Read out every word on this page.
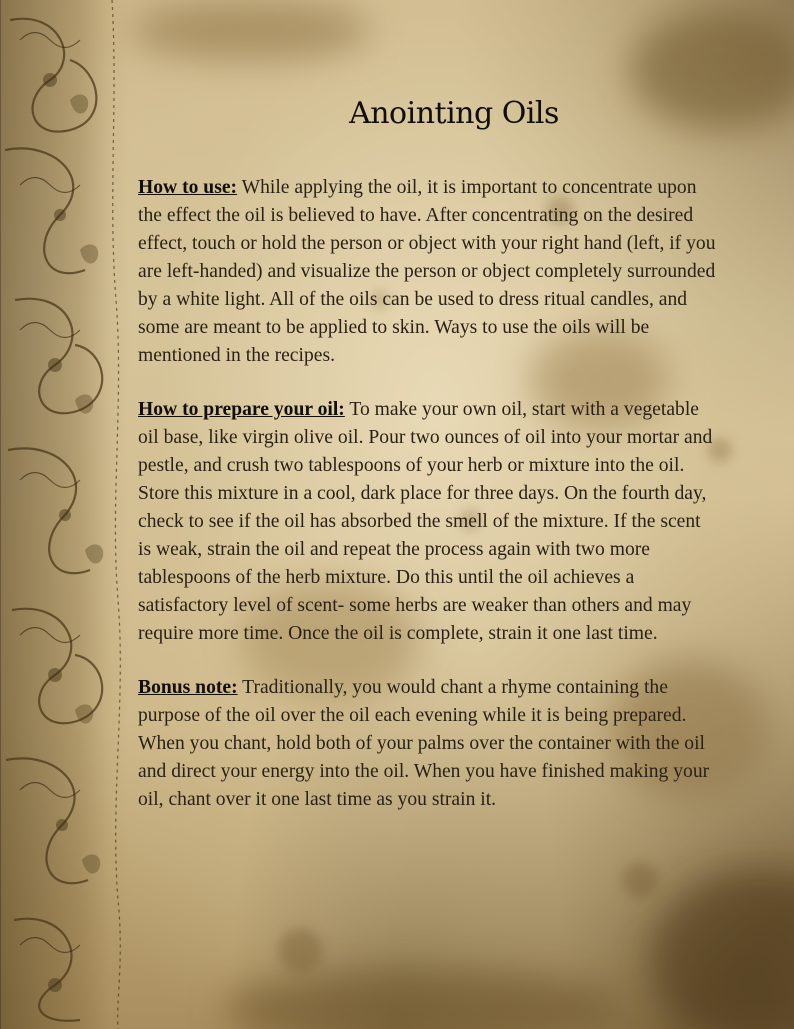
Anointing Oils

How to use: While applying the oil, it is important to concentrate upon the effect the oil is believed to have. After concentrating on the desired effect, touch or hold the person or object with your right hand (left, if you are left-handed) and visualize the person or object completely surrounded by a white light. All of the oils can be used to dress ritual candles, and some are meant to be applied to skin. Ways to use the oils will be mentioned in the recipes.

How to prepare your oil: To make your own oil, start with a vegetable oil base, like virgin olive oil. Pour two ounces of oil into your mortar and pestle, and crush two tablespoons of your herb or mixture into the oil. Store this mixture in a cool, dark place for three days. On the fourth day, check to see if the oil has absorbed the smell of the mixture. If the scent is weak, strain the oil and repeat the process again with two more tablespoons of the herb mixture. Do this until the oil achieves a satisfactory level of scent- some herbs are weaker than others and may require more time. Once the oil is complete, strain it one last time.

Bonus note: Traditionally, you would chant a rhyme containing the purpose of the oil over the oil each evening while it is being prepared. When you chant, hold both of your palms over the container with the oil and direct your energy into the oil. When you have finished making your oil, chant over it one last time as you strain it.
